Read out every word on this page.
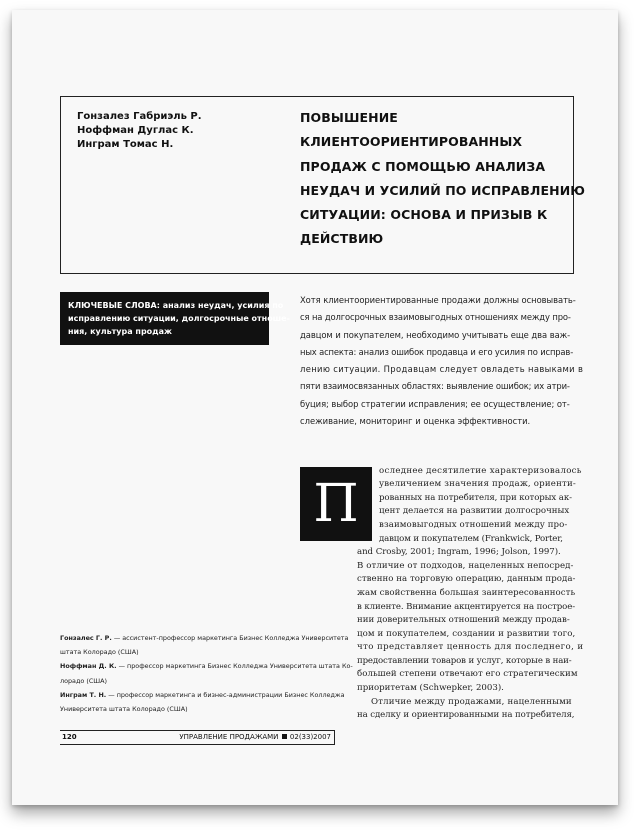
Гонзалез Габриэль Р.
Ноффман Дуглас К.
Инграм Томас Н.
ПОВЫШЕНИЕ
КЛИЕНТООРИЕНТИРОВАННЫХ
ПРОДАЖ С ПОМОЩЬЮ АНАЛИЗА
НЕУДАЧ И УСИЛИЙ ПО ИСПРАВЛЕНИЮ
СИТУАЦИИ: ОСНОВА И ПРИЗЫВ К
ДЕЙСТВИЮ
КЛЮЧЕВЫЕ СЛОВА: анализ неудач, усилия по
исправлению ситуации, долгосрочные отноше-
ния, культура продаж
Хотя клиентоориентированные продажи должны основывать-
ся на долгосрочных взаимовыгодных отношениях между про-
давцом и покупателем, необходимо учитывать еще два важ-
ных аспекта: анализ ошибок продавца и его усилия по исправ-
лению ситуации. Продавцам следует овладеть навыками в
пяти взаимосвязанных областях: выявление ошибок; их атри-
буция; выбор стратегии исправления; ее осуществление; от-
слеживание, мониторинг и оценка эффективности.
П
оследнее десятилетие характеризовалось
увеличением значения продаж, ориенти-
рованных на потребителя, при которых ак-
цент делается на развитии долгосрочных
взаимовыгодных отношений между про-
давцом и покупателем (Frankwick, Porter,
and Crosby, 2001; Ingram, 1996; Jolson, 1997).
В отличие от подходов, нацеленных непосред-
ственно на торговую операцию, данным прода-
жам свойственна большая заинтересованность
в клиенте. Внимание акцентируется на построе-
нии доверительных отношений между продав-
цом и покупателем, создании и развитии того,
что представляет ценность для последнего, и
предоставлении товаров и услуг, которые в наи-
большей степени отвечают его стратегическим
приоритетам (Schwepker, 2003).
Отличие между продажами, нацеленными
на сделку и ориентированными на потребителя,
Гонзалес Г. Р. — ассистент-профессор маркетинга Бизнес Колледжа Университета
штата Колорадо (США)
Ноффман Д. К. — профессор маркетинга Бизнес Колледжа Университета штата Ко-
лорадо (США)
Инграм Т. Н. — профессор маркетинга и бизнес-администрации Бизнес Колледжа
Университета штата Колорадо (США)
120	УПРАВЛЕНИЕ ПРОДАЖАМИ 02(33)2007
